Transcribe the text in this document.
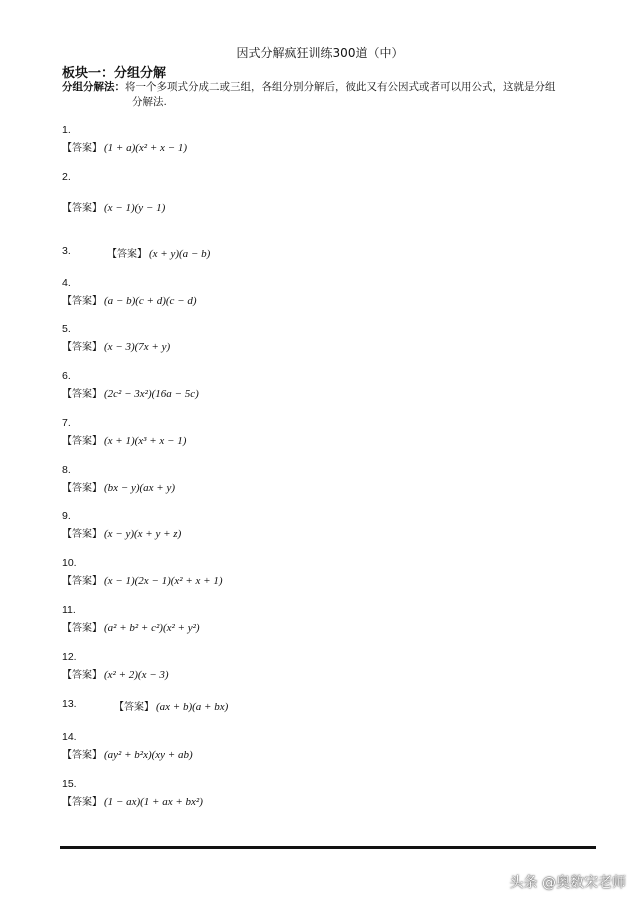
因式分解疯狂训练300道（中）
板块一：分组分解
分组分解法：将一个多项式分成二或三组，各组分别分解后，彼此又有公因式或者可以用公式，这就是分组
分解法.
1.
【答案】 (1 + a)(x² + x − 1)
2.
【答案】 (x − 1)(y − 1)
3.	【答案】 (x + y)(a − b)
4.
【答案】 (a − b)(c + d)(c − d)
5.
【答案】 (x − 3)(7x + y)
6.
【答案】 (2c² − 3x²)(16a − 5c)
7.
【答案】 (x + 1)(x³ + x − 1)
8.
【答案】 (bx − y)(ax + y)
9.
【答案】 (x − y)(x + y + z)
10.
【答案】 (x − 1)(2x − 1)(x² + x + 1)
11.
【答案】 (a² + b² + c²)(x² + y²)
12.
【答案】 (x² + 2)(x − 3)
13.	【答案】 (ax + b)(a + bx)
14.
【答案】 (ay² + b²x)(xy + ab)
15.
【答案】 (1 − ax)(1 + ax + bx²)
头条 @奥数宋老师
